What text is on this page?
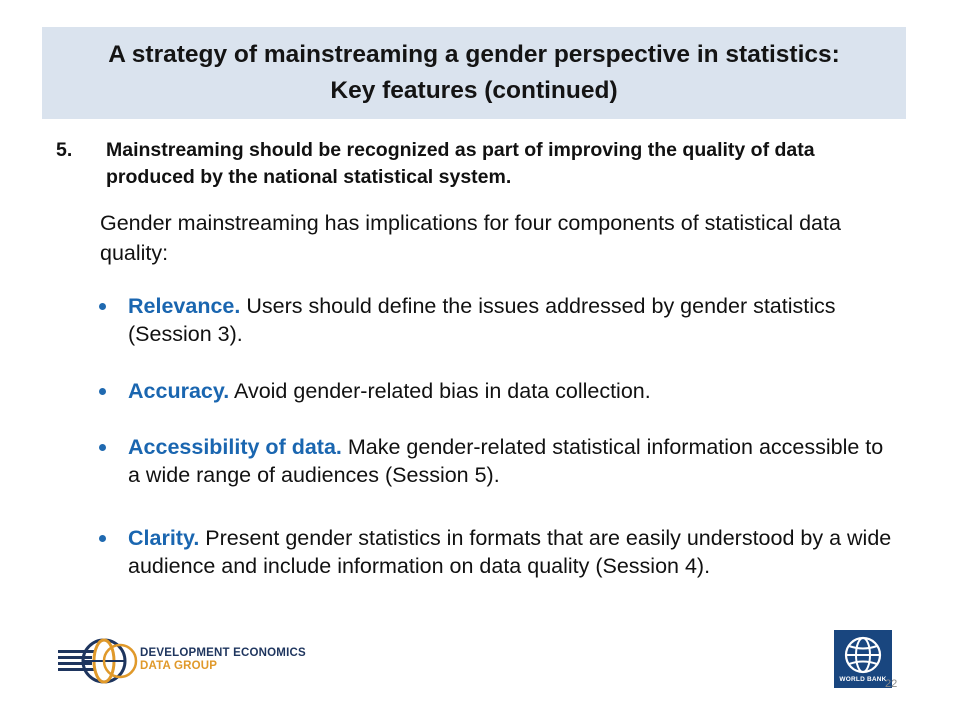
A strategy of mainstreaming a gender perspective in statistics:
Key features (continued)
5. Mainstreaming should be recognized as part of improving the quality of data produced by the national statistical system.
Gender mainstreaming has implications for four components of statistical data quality:
Relevance. Users should define the issues addressed by gender statistics (Session 3).
Accuracy. Avoid gender-related bias in data collection.
Accessibility of data. Make gender-related statistical information accessible to a wide range of audiences (Session 5).
Clarity. Present gender statistics in formats that are easily understood by a wide audience and include information on data quality (Session 4).
DEVELOPMENT ECONOMICS
DATA GROUP
WORLD BANK
22
